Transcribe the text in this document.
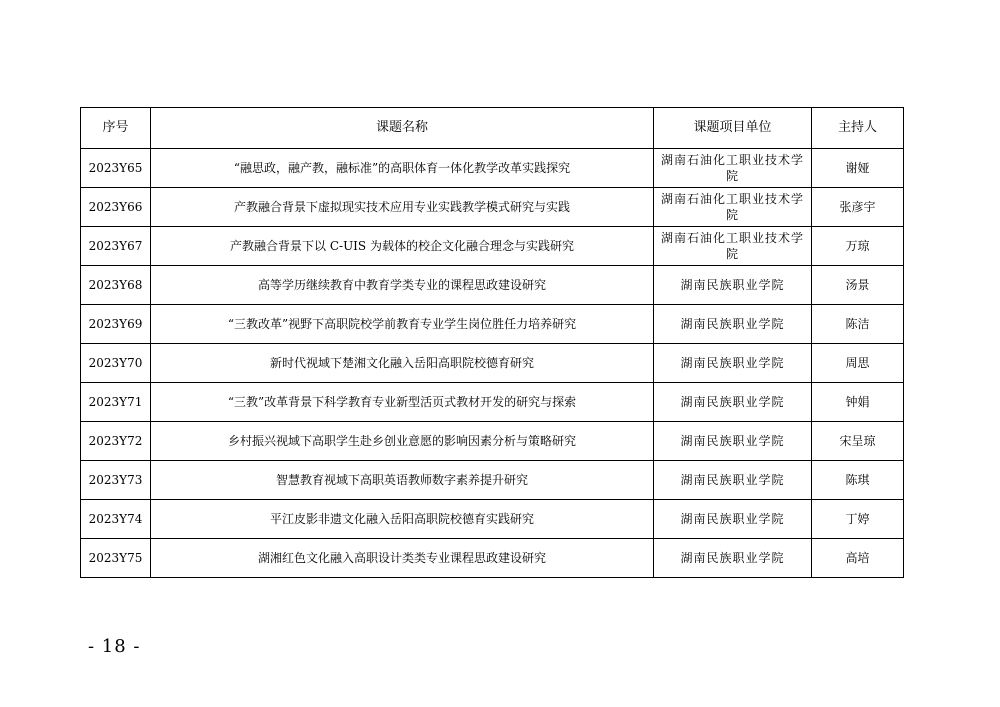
序号	课题名称	课题项目单位	主持人
2023Y65	“融思政，融产教，融标准”的高职体育一体化教学改革实践探究	湖南石油化工职业技术学院	谢娅
2023Y66	产教融合背景下虚拟现实技术应用专业实践教学模式研究与实践	湖南石油化工职业技术学院	张彦宇
2023Y67	产教融合背景下以 C-UIS 为载体的校企文化融合理念与实践研究	湖南石油化工职业技术学院	万琼
2023Y68	高等学历继续教育中教育学类专业的课程思政建设研究	湖南民族职业学院	汤景
2023Y69	“三教改革”视野下高职院校学前教育专业学生岗位胜任力培养研究	湖南民族职业学院	陈洁
2023Y70	新时代视域下楚湘文化融入岳阳高职院校德育研究	湖南民族职业学院	周思
2023Y71	“三教”改革背景下科学教育专业新型活页式教材开发的研究与探索	湖南民族职业学院	钟娟
2023Y72	乡村振兴视域下高职学生赴乡创业意愿的影响因素分析与策略研究	湖南民族职业学院	宋呈琼
2023Y73	智慧教育视域下高职英语教师数字素养提升研究	湖南民族职业学院	陈琪
2023Y74	平江皮影非遗文化融入岳阳高职院校德育实践研究	湖南民族职业学院	丁婷
2023Y75	湖湘红色文化融入高职设计类类专业课程思政建设研究	湖南民族职业学院	高培
- 18 -
